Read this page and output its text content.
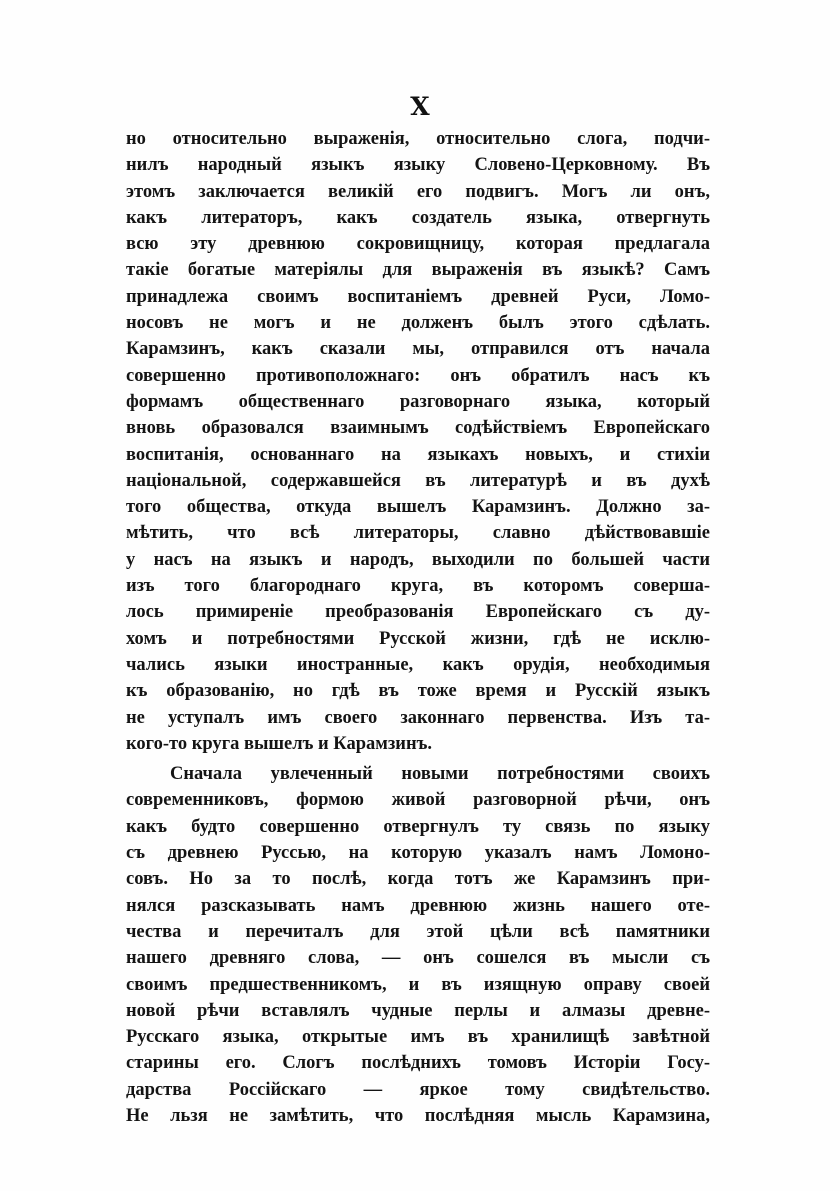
X

но относительно выраженія, относительно слога, подчи-
нилъ народный языкъ языку Словено-Церковному. Въ
этомъ заключается великій его подвигъ. Могъ ли онъ,
какъ литераторъ, какъ создатель языка, отвергнуть
всю эту древнюю сокровищницу, которая предлагала
такіе богатые матеріялы для выраженія въ языкѣ? Самъ
принадлежа своимъ воспитаніемъ древней Руси, Ломо-
носовъ не могъ и не долженъ былъ этого сдѣлать.
Карамзинъ, какъ сказали мы, отправился отъ начала
совершенно противоположнаго: онъ обратилъ насъ къ
формамъ общественнаго разговорнаго языка, который
вновь образовался взаимнымъ содѣйствіемъ Европейскаго
воспитанія, основаннаго на языкахъ новыхъ, и стихіи
національной, содержавшейся въ литературѣ и въ духѣ
того общества, откуда вышелъ Карамзинъ. Должно за-
мѣтить, что всѣ литераторы, славно дѣйствовавшіе
у насъ на языкъ и народъ, выходили по большей части
изъ того благороднаго круга, въ которомъ соверша-
лось примиреніе преобразованія Европейскаго съ ду-
хомъ и потребностями Русской жизни, гдѣ не исклю-
чались языки иностранные, какъ орудія, необходимыя
къ образованію, но гдѣ въ тоже время и Русскій языкъ
не уступалъ имъ своего законнаго первенства. Изъ та-
кого-то круга вышелъ и Карамзинъ.

Сначала увлеченный новыми потребностями своихъ
современниковъ, формою живой разговорной рѣчи, онъ
какъ будто совершенно отвергнулъ ту связь по языку
съ древнею Руссью, на которую указалъ намъ Ломоно-
совъ. Но за то послѣ, когда тотъ же Карамзинъ при-
нялся разсказывать намъ древнюю жизнь нашего оте-
чества и перечиталъ для этой цѣли всѣ памятники
нашего древняго слова, — онъ сошелся въ мысли съ
своимъ предшественникомъ, и въ изящную оправу своей
новой рѣчи вставлялъ чудные перлы и алмазы древне-
Русскаго языка, открытые имъ въ хранилищѣ завѣтной
старины его. Слогъ послѣднихъ томовъ Исторіи Госу-
дарства Россійскаго — яркое тому свидѣтельство.
Не льзя не замѣтить, что послѣдняя мысль Карамзина,
